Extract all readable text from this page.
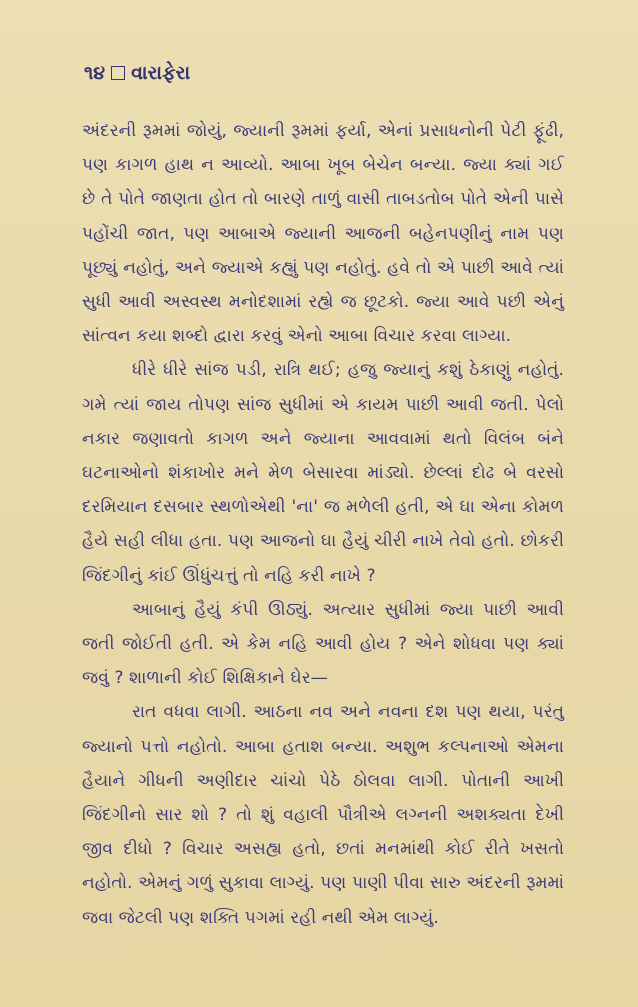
૧૪ વારાફેરા

અંદરની રૂમમાં જોયું, જ્યાની રૂમમાં ફર્યા, એનાં પ્રસાધનોની પેટી ફૂંઢી, પણ કાગળ હાથ ન આવ્યો. આબા ખૂબ બેચેન બન્યા. જ્યા ક્યાં ગઈ છે તે પોતે જાણતા હોત તો બારણે તાળું વાસી તાબડતોબ પોતે એની પાસે પહોંચી જાત, પણ આબાએ જ્યાની આજની બહેનપણીનું નામ પણ પૂછ્યું નહોતું, અને જ્યાએ કહ્યું પણ નહોતું. હવે તો એ પાછી આવે ત્યાં સુધી આવી અસ્વસ્થ મનોદશામાં રહ્યે જ છૂટકો. જ્યા આવે પછી એનું સાંત્વન કયા શબ્દો દ્વારા કરવું એનો આબા વિચાર કરવા લાગ્યા.

ધીરે ધીરે સાંજ પડી, રાત્રિ થઈ; હજુ જ્યાનું કશું ઠેકાણું નહોતું. ગમે ત્યાં જાય તોપણ સાંજ સુધીમાં એ કાયમ પાછી આવી જતી. પેલો નકાર જણાવતો કાગળ અને જ્યાના આવવામાં થતો વિલંબ બંને ઘટનાઓનો શંકાખોર મને મેળ બેસારવા માંડ્યો. છેલ્લાં દોઢ બે વરસો દરમિયાન દસબાર સ્થળોએથી 'ના' જ મળેલી હતી, એ ઘા એના કોમળ હૈયે સહી લીધા હતા. પણ આજનો ઘા હૈયું ચીરી નાખે તેવો હતો. છોકરી જિંદગીનું કાંઈ ઊંધુંચત્તું તો નહિ કરી નાખે ?

આબાનું હૈયું કંપી ઊઠ્યું. અત્યાર સુધીમાં જ્યા પાછી આવી જતી જોઈતી હતી. એ કેમ નહિ આવી હોય ? એને શોધવા પણ ક્યાં જવું ? શાળાની કોઈ શિક્ષિકાને ઘેર—

રાત વધવા લાગી. આઠના નવ અને નવના દશ પણ થયા, પરંતુ જ્યાનો પત્તો નહોતો. આબા હતાશ બન્યા. અશુભ કલ્પનાઓ એમના હૈયાને ગીધની અણીદાર ચાંચો પેઠે ઠોલવા લાગી. પોતાની આખી જિંદગીનો સાર શો ? તો શું વહાલી પૌત્રીએ લગ્નની અશક્યતા દેખી જીવ દીધો ? વિચાર અસહ્ય હતો, છતાં મનમાંથી કોઈ રીતે ખસતો નહોતો. એમનું ગળું સુકાવા લાગ્યું. પણ પાણી પીવા સારુ અંદરની રૂમમાં જવા જેટલી પણ શક્તિ પગમાં રહી નથી એમ લાગ્યું.
